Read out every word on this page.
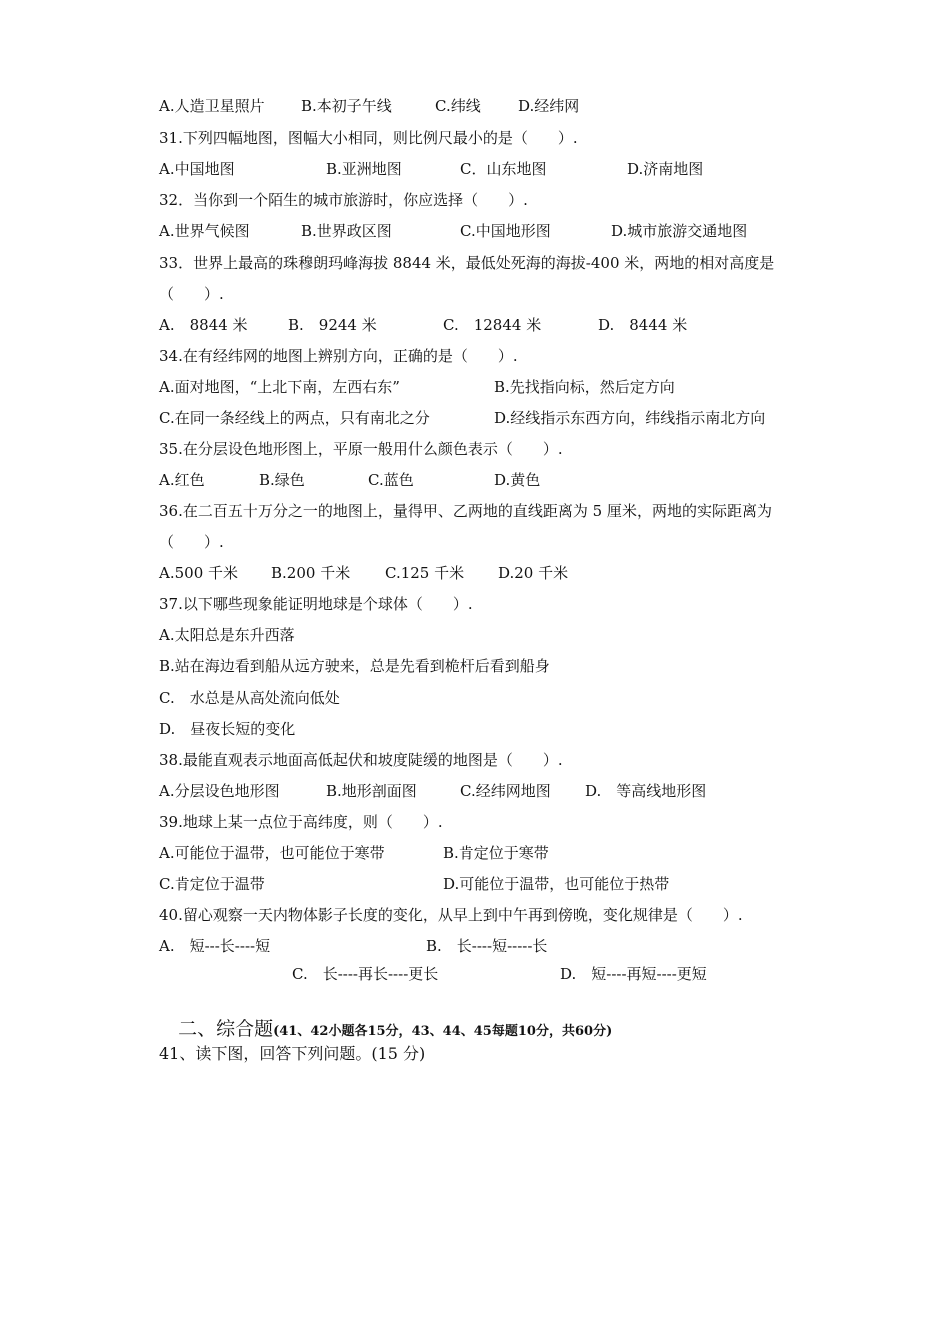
A.人造卫星照片 B.本初子午线	C.纬线 D.经纬网
31.下列四幅地图，图幅大小相同，则比例尺最小的是（　　）.
A.中国地图	B.亚洲地图	C．山东地图	D.济南地图
32．当你到一个陌生的城市旅游时，你应选择（　　）.
A.世界气候图	B.世界政区图	C.中国地形图	D.城市旅游交通地图
33．世界上最高的珠穆朗玛峰海拔 8844 米，最低处死海的海拔-400 米，两地的相对高度是
（　　）.
A.　8844 米	B.　9244 米	C.　12844 米	D.　8444 米
34.在有经纬网的地图上辨别方向，正确的是（　　）.
A.面对地图，“上北下南，左西右东”	B.先找指向标，然后定方向
C.在同一条经线上的两点，只有南北之分	D.经线指示东西方向，纬线指示南北方向
35.在分层设色地形图上，平原一般用什么颜色表示（　　）.
A.红色	B.绿色	C.蓝色	D.黄色
36.在二百五十万分之一的地图上，量得甲、乙两地的直线距离为 5 厘米，两地的实际距离为
（　　）.
A.500 千米 B.200 千米 C.125 千米 D.20 千米
37.以下哪些现象能证明地球是个球体（　　）.
A.太阳总是东升西落
B.站在海边看到船从远方驶来，总是先看到桅杆后看到船身
C.　水总是从高处流向低处
D.　昼夜长短的变化
38.最能直观表示地面高低起伏和坡度陡缓的地图是（　　）.
A.分层设色地形图	B.地形剖面图	C.经纬网地图 D.　等高线地形图
39.地球上某一点位于高纬度，则（　　）.
A.可能位于温带，也可能位于寒带	B.肯定位于寒带
C.肯定位于温带	D.可能位于温带，也可能位于热带
40.留心观察一天内物体影子长度的变化，从早上到中午再到傍晚，变化规律是（　　）.
A.　短---长----短	B.　长----短-----长
C.　长----再长----更长	D.　短----再短----更短

二、综合题(41、42小题各15分，43、44、45每题10分，共60分)

41、读下图，回答下列问题。(15 分)
